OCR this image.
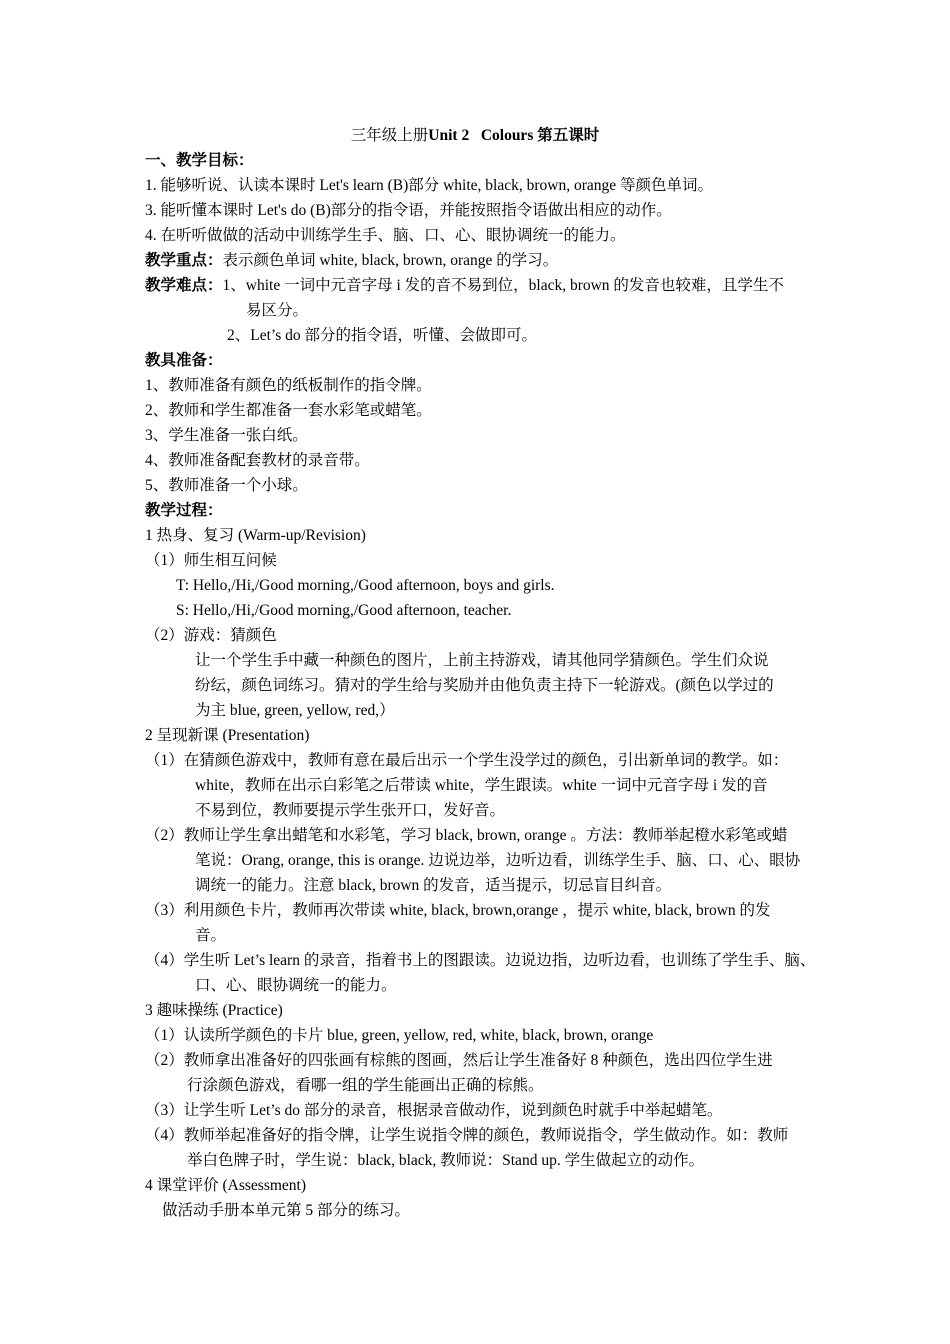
三年级上册Unit 2   Colours 第五课时
一、教学目标：
1. 能够听说、认读本课时 Let's learn (B)部分 white, black, brown, orange 等颜色单词。
3. 能听懂本课时 Let's do (B)部分的指令语，并能按照指令语做出相应的动作。
4. 在听听做做的活动中训练学生手、脑、口、心、眼协调统一的能力。
教学重点：表示颜色单词 white, black, brown, orange 的学习。
教学难点：1、white 一词中元音字母 i 发的音不易到位，black, brown 的发音也较难，且学生不
易区分。
2、Let’s do 部分的指令语，听懂、会做即可。
教具准备：
1、教师准备有颜色的纸板制作的指令牌。
2、教师和学生都准备一套水彩笔或蜡笔。
3、学生准备一张白纸。
4、教师准备配套教材的录音带。
5、教师准备一个小球。
教学过程：
1 热身、复习 (Warm-up/Revision)
（1）师生相互问候
T: Hello,/Hi,/Good morning,/Good afternoon, boys and girls.
S: Hello,/Hi,/Good morning,/Good afternoon, teacher.
（2）游戏：猜颜色
让一个学生手中藏一种颜色的图片，上前主持游戏，请其他同学猜颜色。学生们众说
纷纭，颜色词练习。猜对的学生给与奖励并由他负责主持下一轮游戏。(颜色以学过的
为主 blue, green, yellow, red,）
2 呈现新课 (Presentation)
（1）在猜颜色游戏中，教师有意在最后出示一个学生没学过的颜色，引出新单词的教学。如：
white，教师在出示白彩笔之后带读 white，学生跟读。white 一词中元音字母 i 发的音
不易到位，教师要提示学生张开口，发好音。
（2）教师让学生拿出蜡笔和水彩笔，学习 black, brown, orange 。方法：教师举起橙水彩笔或蜡
笔说：Orang, orange, this is orange. 边说边举，边听边看，训练学生手、脑、口、心、眼协
调统一的能力。注意 black, brown 的发音，适当提示，切忌盲目纠音。
（3）利用颜色卡片，教师再次带读 white, black, brown,orange ，提示 white, black, brown 的发
音。
（4）学生听 Let’s learn 的录音，指着书上的图跟读。边说边指，边听边看，也训练了学生手、脑、
口、心、眼协调统一的能力。
3 趣味操练 (Practice)
（1）认读所学颜色的卡片 blue, green, yellow, red, white, black, brown, orange
（2）教师拿出准备好的四张画有棕熊的图画，然后让学生准备好 8 种颜色，选出四位学生进
行涂颜色游戏，看哪一组的学生能画出正确的棕熊。
（3）让学生听 Let’s do 部分的录音，根据录音做动作，说到颜色时就手中举起蜡笔。
（4）教师举起准备好的指令牌，让学生说指令牌的颜色，教师说指令，学生做动作。如：教师
举白色牌子时，学生说：black, black, 教师说：Stand up. 学生做起立的动作。
4 课堂评价 (Assessment)
做活动手册本单元第 5 部分的练习。
